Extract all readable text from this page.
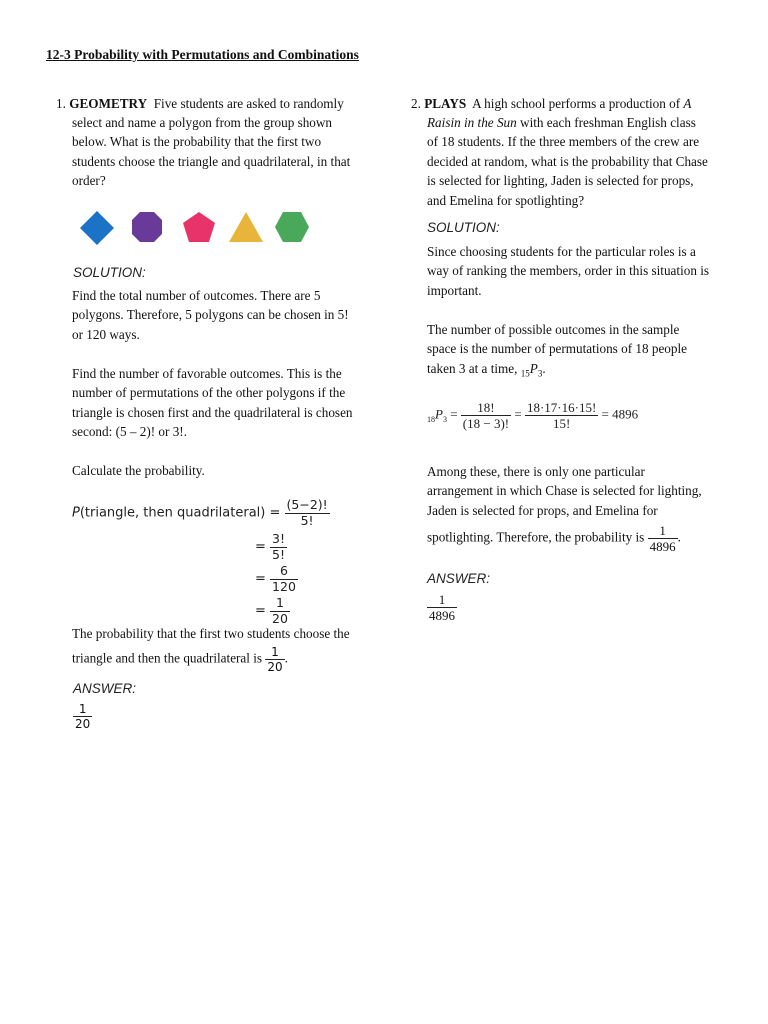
12-3 Probability with Permutations and Combinations
1. GEOMETRY Five students are asked to randomly
select and name a polygon from the group shown
below. What is the probability that the first two
students choose the triangle and quadrilateral, in that
order?
SOLUTION:
Find the total number of outcomes. There are 5
polygons. Therefore, 5 polygons can be chosen in 5!
or 120 ways.
Find the number of favorable outcomes. This is the
number of permutations of the other polygons if the
triangle is chosen first and the quadrilateral is chosen
second: (5 – 2)! or 3!.
Calculate the probability.
P(triangle, then quadrilateral) = $\frac{(5-2)!}{5!}$
= $\frac{3!}{5!}$
= $\frac{6}{120}$
= $\frac{1}{20}$
The probability that the first two students choose the
triangle and then the quadrilateral is $\frac{1}{20}$ .
ANSWER:
$\frac{1}{20}$
2. PLAYS A high school performs a production of A
Raisin in the Sun with each freshman English class
of 18 students. If the three members of the crew are
decided at random, what is the probability that Chase
is selected for lighting, Jaden is selected for props,
and Emelina for spotlighting?
SOLUTION:
Since choosing students for the particular roles is a
way of ranking the members, order in this situation is
important.
The number of possible outcomes in the sample
space is the number of permutations of 18 people
taken 3 at a time, $_{15}P_3$.
$_{18}P_3 = \frac{18!}{(18 - 3)!} = \frac{18\cdot 17\cdot 16\cdot 15!}{15!} = 4896$
Among these, there is only one particular
arrangement in which Chase is selected for lighting,
Jaden is selected for props, and Emelina for
spotlighting. Therefore, the probability is $\frac{1}{4896}$ .
ANSWER:
$\frac{1}{4896}$
